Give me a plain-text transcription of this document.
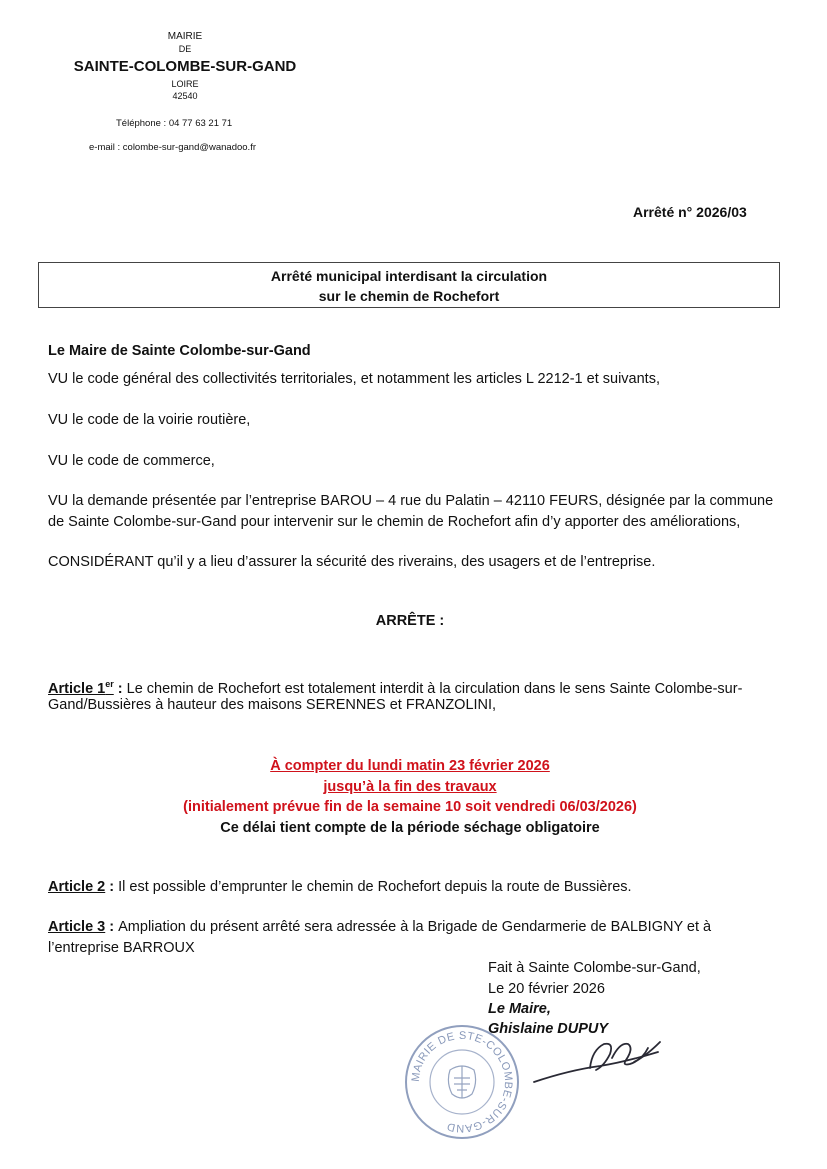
MAIRIE
DE
SAINTE-COLOMBE-SUR-GAND
LOIRE
42540
Téléphone : 04 77 63 21 71
e-mail : colombe-sur-gand@wanadoo.fr
Arrêté n° 2026/03
Arrêté municipal interdisant la circulation
sur le chemin de Rochefort
Le Maire de Sainte Colombe-sur-Gand
VU le code général des collectivités territoriales, et notamment les articles L 2212-1 et suivants,
VU le code de la voirie routière,
VU le code de commerce,
VU la demande présentée par l’entreprise BAROU – 4 rue du Palatin – 42110 FEURS, désignée par la commune
de Sainte Colombe-sur-Gand pour intervenir sur le chemin de Rochefort afin d’y apporter des améliorations,
CONSIDÉRANT qu’il y a lieu d’assurer la sécurité des riverains, des usagers et de l’entreprise.
ARRÊTE :
Article 1er : Le chemin de Rochefort est totalement interdit à la circulation dans le sens Sainte Colombe-sur-
Gand/Bussières à hauteur des maisons SERENNES et FRANZOLINI,
À compter du lundi matin 23 février 2026
jusqu’à la fin des travaux
(initialement prévue fin de la semaine 10 soit vendredi 06/03/2026)
Ce délai tient compte de la période séchage obligatoire
Article 2 : Il est possible d’emprunter le chemin de Rochefort depuis la route de Bussières.
Article 3 : Ampliation du présent arrêté sera adressée à la Brigade de Gendarmerie de BALBIGNY et à
l’entreprise BARROUX
Fait à Sainte Colombe-sur-Gand,
Le 20 février 2026
Le Maire,
Ghislaine DUPUY
MAIRIE DE STE-COLOMBE-SUR-GAND
